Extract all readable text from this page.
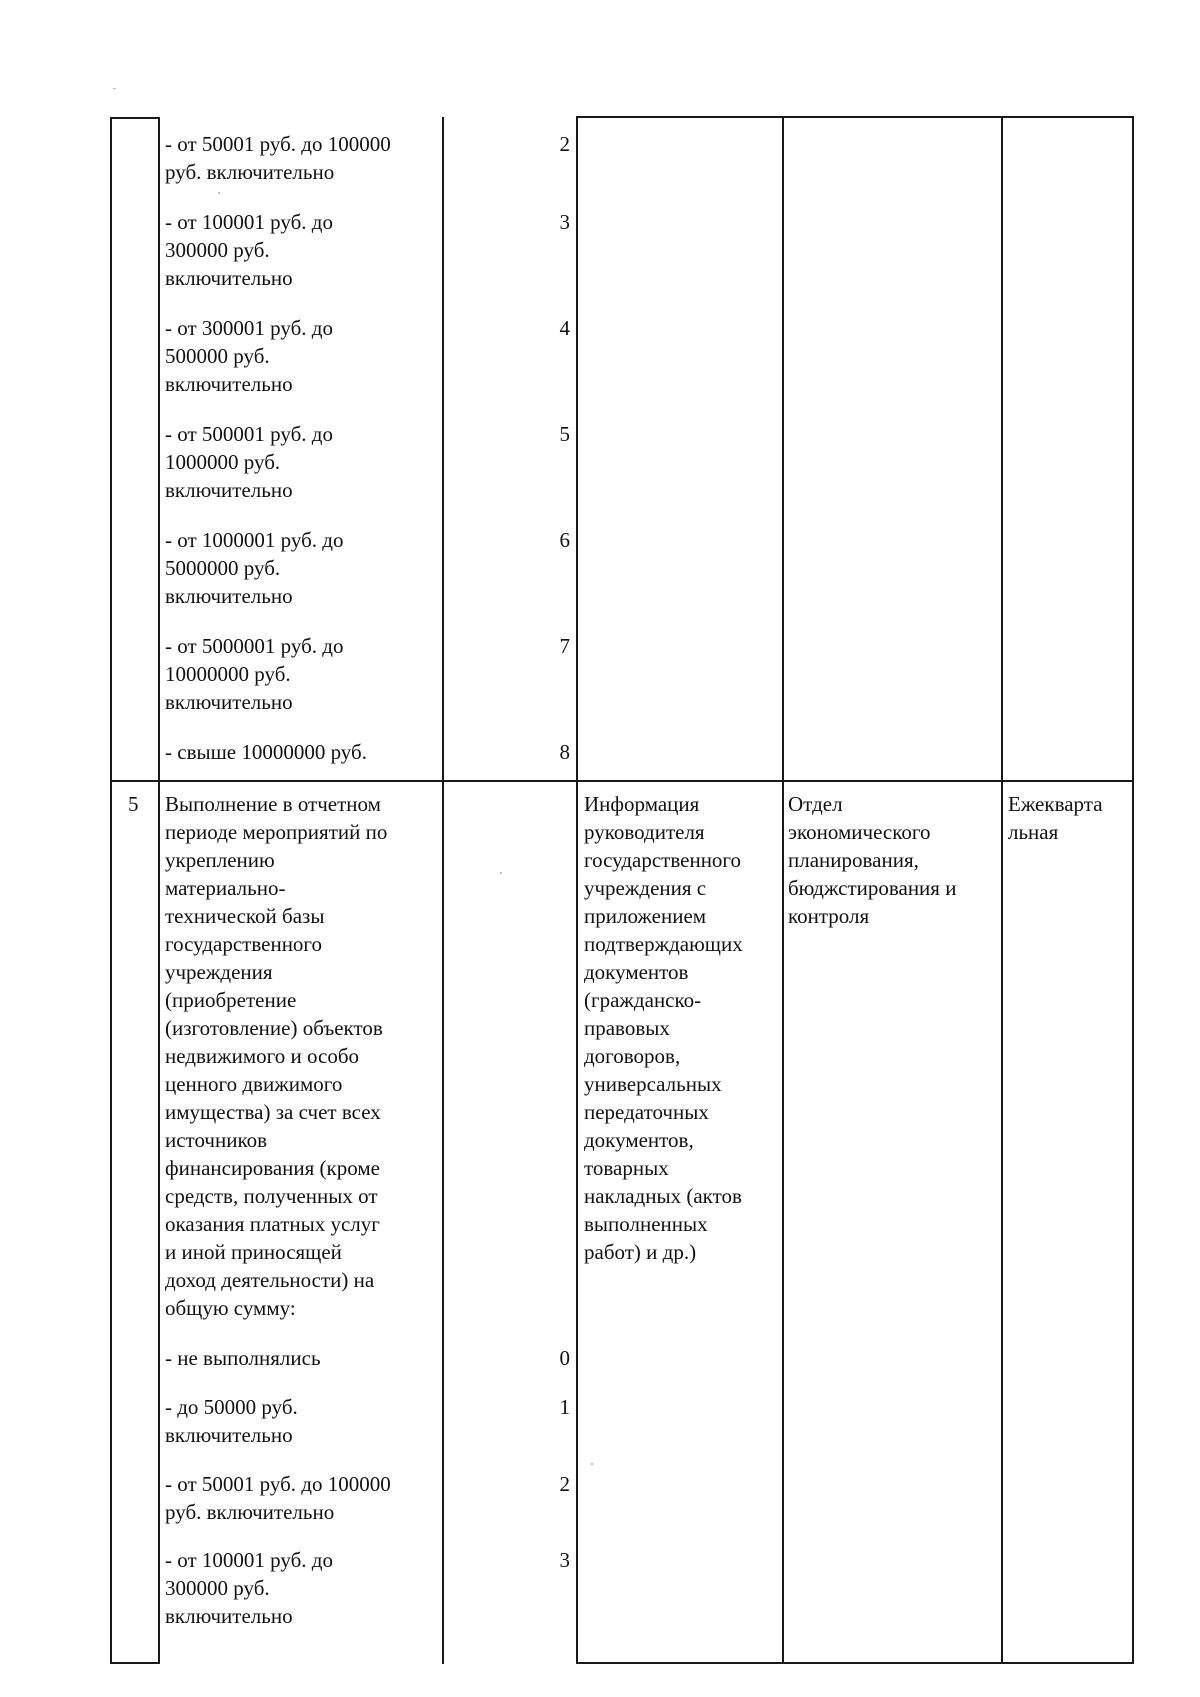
- от 50001 руб. до 100000
руб. включительно

2

- от 100001 руб. до
300000 руб.
включительно

3

- от 300001 руб. до
500000 руб.
включительно

4

- от 500001 руб. до
1000000 руб.
включительно

5

- от 1000001 руб. до
5000000 руб.
включительно

6

- от 5000001 руб. до
10000000 руб.
включительно

7

- свыше 10000000 руб.	8
5 Выполнение в отчетном
периоде мероприятий по
укреплению
материально-
технической базы
государственного
учреждения
(приобретение
(изготовление) объектов
недвижимого и особо
ценного движимого
имущества) за счет всех
источников
финансирования (кроме
средств, полученных от
оказания платных услуг
и иной приносящей
доход деятельности) на
общую сумму:

Информация
руководителя
государственного
учреждения с
приложением
подтверждающих
документов
(гражданско-
правовых
договоров,
универсальных
передаточных
документов,
товарных
накладных (актов
выполненных
работ) и др.)

Отдел
экономического
планирования,
бюджстирования и
контроля

Ежекварта
льная

- не выполнялись	0

- до 50000 руб.
включительно

1

- от 50001 руб. до 100000
руб. включительно

2

- от 100001 руб. до
300000 руб.
включительно

3
